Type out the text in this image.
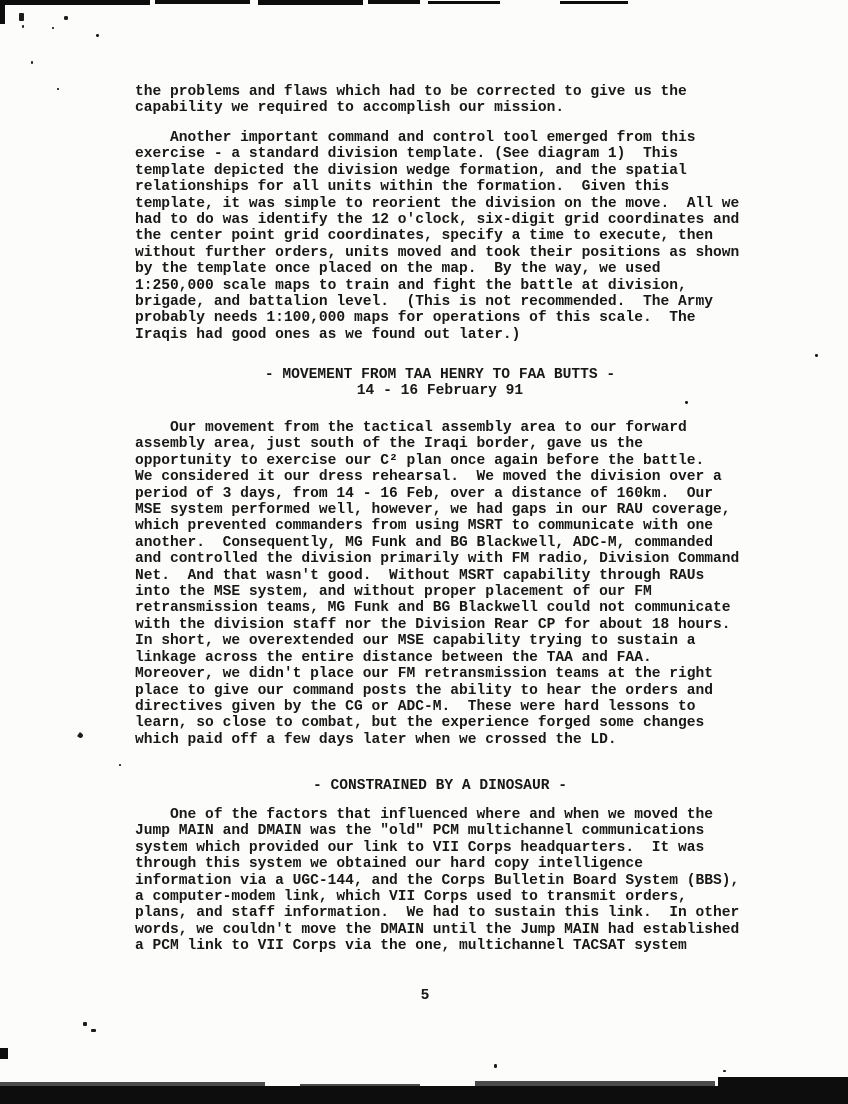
the problems and flaws which had to be corrected to give us the
capability we required to accomplish our mission.
Another important command and control tool emerged from this
exercise - a standard division template. (See diagram 1)  This
template depicted the division wedge formation, and the spatial
relationships for all units within the formation.  Given this
template, it was simple to reorient the division on the move.  All we
had to do was identify the 12 o'clock, six-digit grid coordinates and
the center point grid coordinates, specify a time to execute, then
without further orders, units moved and took their positions as shown
by the template once placed on the map.  By the way, we used
1:250,000 scale maps to train and fight the battle at division,
brigade, and battalion level.  (This is not recommended.  The Army
probably needs 1:100,000 maps for operations of this scale.  The
Iraqis had good ones as we found out later.)
- MOVEMENT FROM TAA HENRY TO FAA BUTTS -
14 - 16 February 91
Our movement from the tactical assembly area to our forward
assembly area, just south of the Iraqi border, gave us the
opportunity to exercise our C² plan once again before the battle.
We considered it our dress rehearsal.  We moved the division over a
period of 3 days, from 14 - 16 Feb, over a distance of 160km.  Our
MSE system performed well, however, we had gaps in our RAU coverage,
which prevented commanders from using MSRT to communicate with one
another.  Consequently, MG Funk and BG Blackwell, ADC-M, commanded
and controlled the division primarily with FM radio, Division Command
Net.  And that wasn't good.  Without MSRT capability through RAUs
into the MSE system, and without proper placement of our FM
retransmission teams, MG Funk and BG Blackwell could not communicate
with the division staff nor the Division Rear CP for about 18 hours.
In short, we overextended our MSE capability trying to sustain a
linkage across the entire distance between the TAA and FAA.
Moreover, we didn't place our FM retransmission teams at the right
place to give our command posts the ability to hear the orders and
directives given by the CG or ADC-M.  These were hard lessons to
learn, so close to combat, but the experience forged some changes
which paid off a few days later when we crossed the LD.
- CONSTRAINED BY A DINOSAUR -
One of the factors that influenced where and when we moved the
Jump MAIN and DMAIN was the "old" PCM multichannel communications
system which provided our link to VII Corps headquarters.  It was
through this system we obtained our hard copy intelligence
information via a UGC-144, and the Corps Bulletin Board System (BBS),
a computer-modem link, which VII Corps used to transmit orders,
plans, and staff information.  We had to sustain this link.  In other
words, we couldn't move the DMAIN until the Jump MAIN had established
a PCM link to VII Corps via the one, multichannel TACSAT system
5
